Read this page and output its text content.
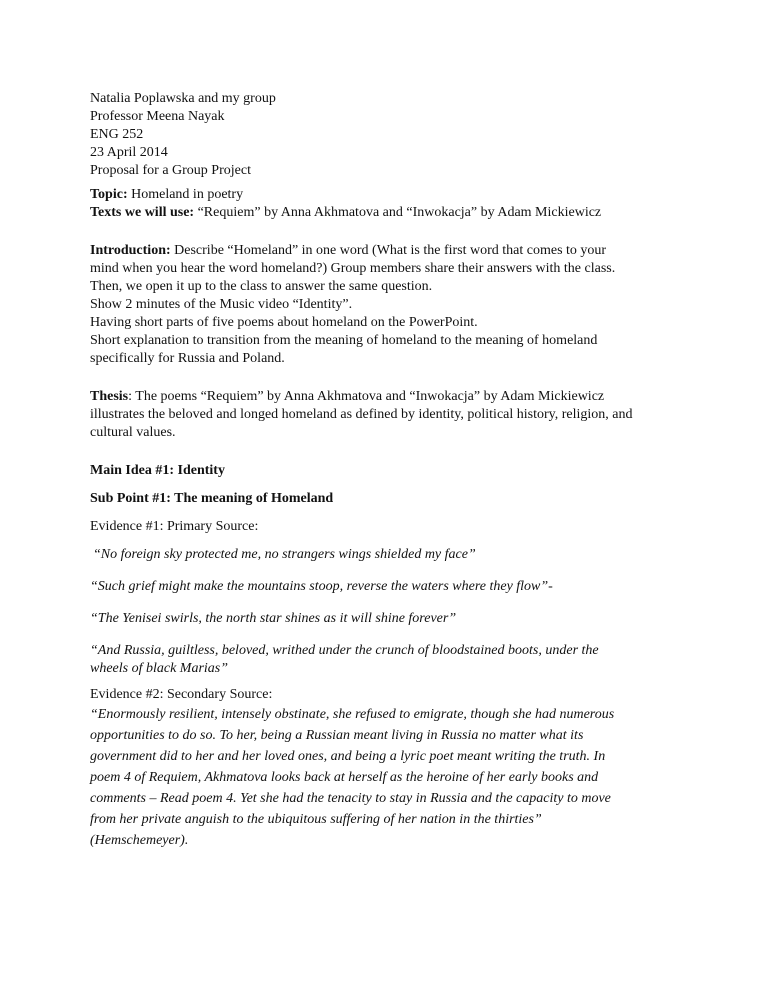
Natalia Poplawska and my group
Professor Meena Nayak
ENG 252
23 April 2014
Proposal for a Group Project
Topic: Homeland in poetry
Texts we will use: “Requiem” by Anna Akhmatova and “Inwokacja” by Adam Mickiewicz
Introduction: Describe “Homeland” in one word (What is the first word that comes to your
mind when you hear the word homeland?) Group members share their answers with the class.
Then, we open it up to the class to answer the same question.
Show 2 minutes of the Music video “Identity”.
Having short parts of five poems about homeland on the PowerPoint.
Short explanation to transition from the meaning of homeland to the meaning of homeland
specifically for Russia and Poland.
Thesis: The poems “Requiem” by Anna Akhmatova and “Inwokacja” by Adam Mickiewicz
illustrates the beloved and longed homeland as defined by identity, political history, religion, and
cultural values.
Main Idea #1: Identity
Sub Point #1: The meaning of Homeland
Evidence #1: Primary Source:
“No foreign sky protected me, no strangers wings shielded my face”
“Such grief might make the mountains stoop, reverse the waters where they flow”-
“The Yenisei swirls, the north star shines as it will shine forever”
“And Russia, guiltless, beloved, writhed under the crunch of bloodstained boots, under the
wheels of black Marias”
Evidence #2: Secondary Source:
“Enormously resilient, intensely obstinate, she refused to emigrate, though she had numerous
opportunities to do so. To her, being a Russian meant living in Russia no matter what its
government did to her and her loved ones, and being a lyric poet meant writing the truth. In
poem 4 of Requiem, Akhmatova looks back at herself as the heroine of her early books and
comments – Read poem 4. Yet she had the tenacity to stay in Russia and the capacity to move
from her private anguish to the ubiquitous suffering of her nation in the thirties”
(Hemschemeyer).
